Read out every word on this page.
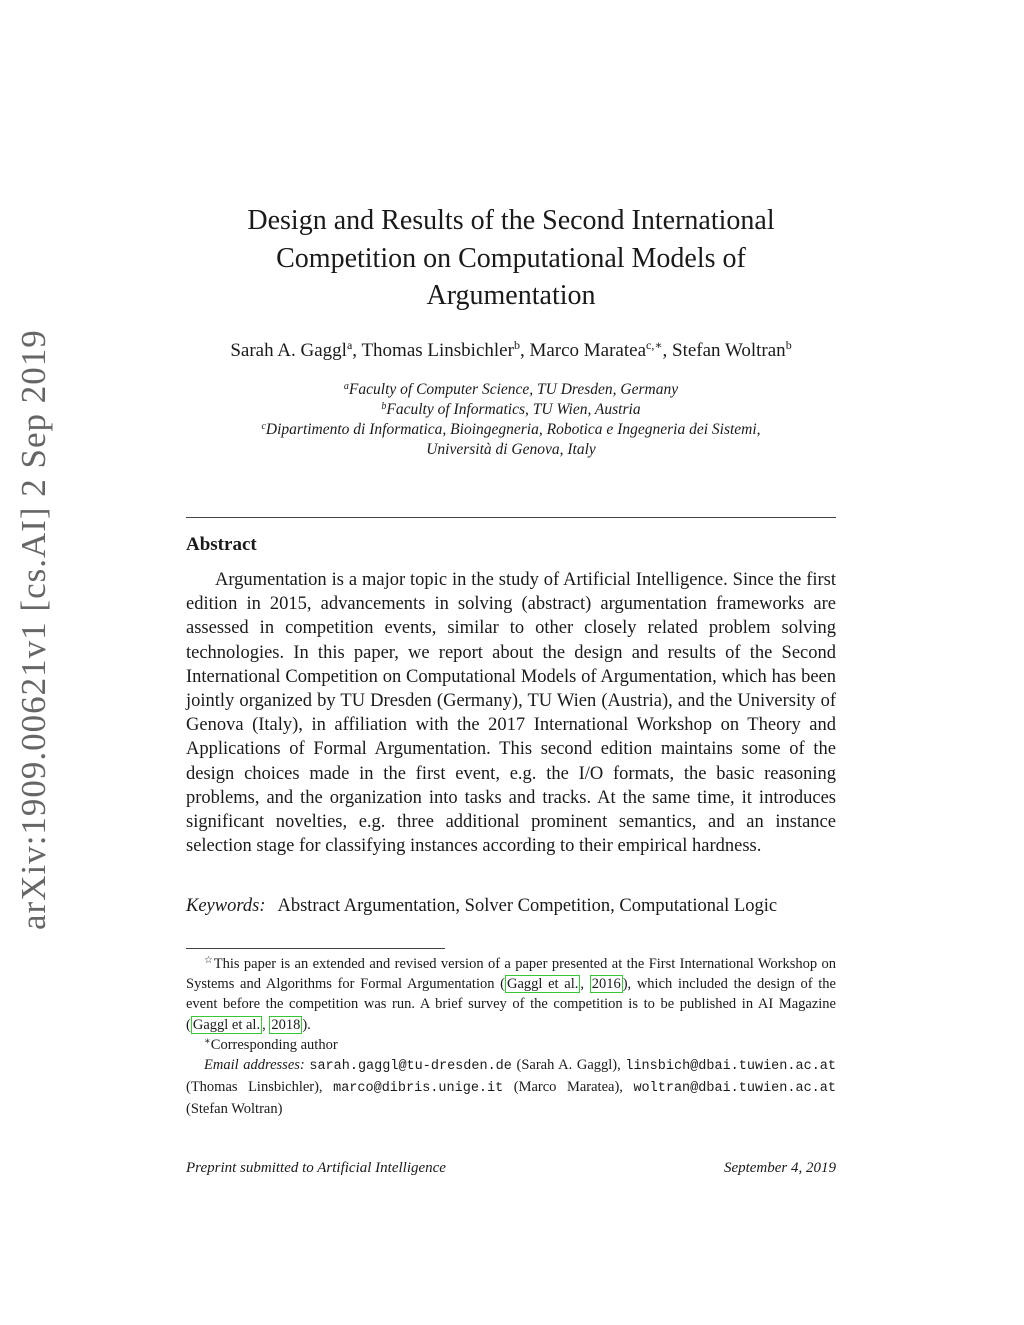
arXiv:1909.00621v1 [cs.AI] 2 Sep 2019
Design and Results of the Second International
Competition on Computational Models of
Argumentation
Sarah A. Gaggl$^a$, Thomas Linsbichler$^b$, Marco Maratea$^{c,∗}$, Stefan Woltran$^b$
$^a$Faculty of Computer Science, TU Dresden, Germany
$^b$Faculty of Informatics, TU Wien, Austria
$^c$Dipartimento di Informatica, Bioingegneria, Robotica e Ingegneria dei Sistemi,
Università di Genova, Italy
Abstract
Argumentation is a major topic in the study of Artificial Intelligence. Since the first edition in 2015, advancements in solving (abstract) argumentation frameworks are assessed in competition events, similar to other closely related problem solving technologies. In this paper, we report about the design and results of the Second International Competition on Computational Models of Argumentation, which has been jointly organized by TU Dresden (Germany), TU Wien (Austria), and the University of Genova (Italy), in affiliation with the 2017 International Workshop on Theory and Applications of Formal Argumentation. This second edition maintains some of the design choices made in the first event, e.g. the I/O formats, the basic reasoning problems, and the organization into tasks and tracks. At the same time, it introduces significant novelties, e.g. three additional prominent semantics, and an instance selection stage for classifying instances according to their empirical hardness.
Keywords: Abstract Argumentation, Solver Competition, Computational Logic

☆This paper is an extended and revised version of a paper presented at the First International Workshop on Systems and Algorithms for Formal Argumentation ( Gaggl et al. , 2016 ), which included the design of the event before the competition was run. A brief survey of the competition is to be published in AI Magazine ( Gaggl et al. , 2018 ).

∗Corresponding author

Email addresses: sarah.gaggl@tu-dresden.de (Sarah A. Gaggl), linsbich@dbai.tuwien.ac.at (Thomas Linsbichler), marco@dibris.unige.it (Marco Maratea), woltran@dbai.tuwien.ac.at (Stefan Woltran)

Preprint submitted to Artificial Intelligence	September 4, 2019
